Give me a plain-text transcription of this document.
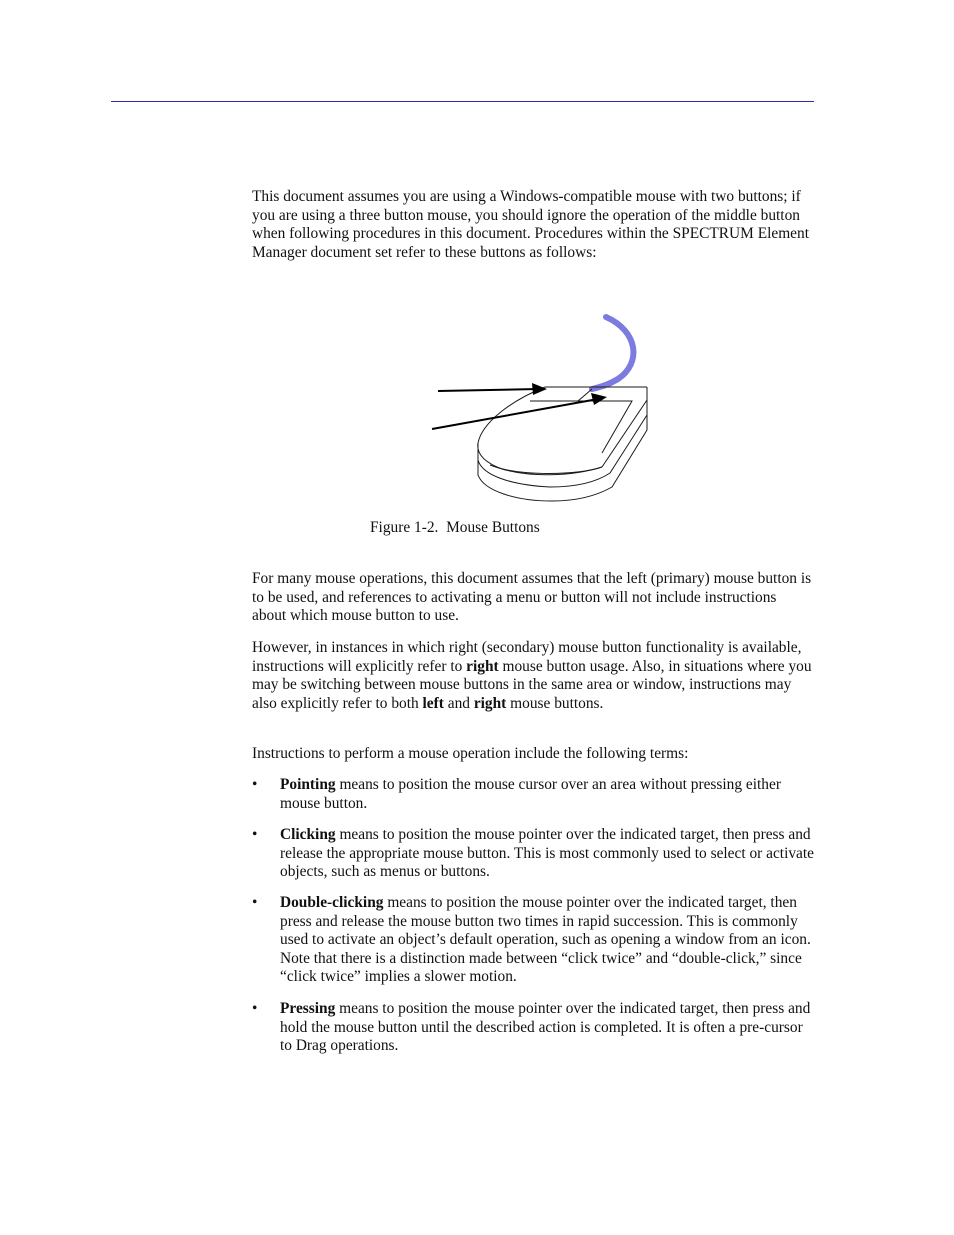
This document assumes you are using a Windows-compatible mouse with two buttons; if you are using a three button mouse, you should ignore the operation of the middle button when following procedures in this document. Procedures within the SPECTRUM Element Manager document set refer to these buttons as follows:

Figure 1-2.  Mouse Buttons

For many mouse operations, this document assumes that the left (primary) mouse button is to be used, and references to activating a menu or button will not include instructions about which mouse button to use.

However, in instances in which right (secondary) mouse button functionality is available, instructions will explicitly refer to right mouse button usage. Also, in situations where you may be switching between mouse buttons in the same area or window, instructions may also explicitly refer to both left and right mouse buttons.

Instructions to perform a mouse operation include the following terms:

• Pointing means to position the mouse cursor over an area without pressing either mouse button.
• Clicking means to position the mouse pointer over the indicated target, then press and release the appropriate mouse button. This is most commonly used to select or activate objects, such as menus or buttons.
• Double-clicking means to position the mouse pointer over the indicated target, then press and release the mouse button two times in rapid succession. This is commonly used to activate an object’s default operation, such as opening a window from an icon. Note that there is a distinction made between “click twice” and “double-click,” since “click twice” implies a slower motion.
• Pressing means to position the mouse pointer over the indicated target, then press and hold the mouse button until the described action is completed. It is often a pre-cursor to Drag operations.
